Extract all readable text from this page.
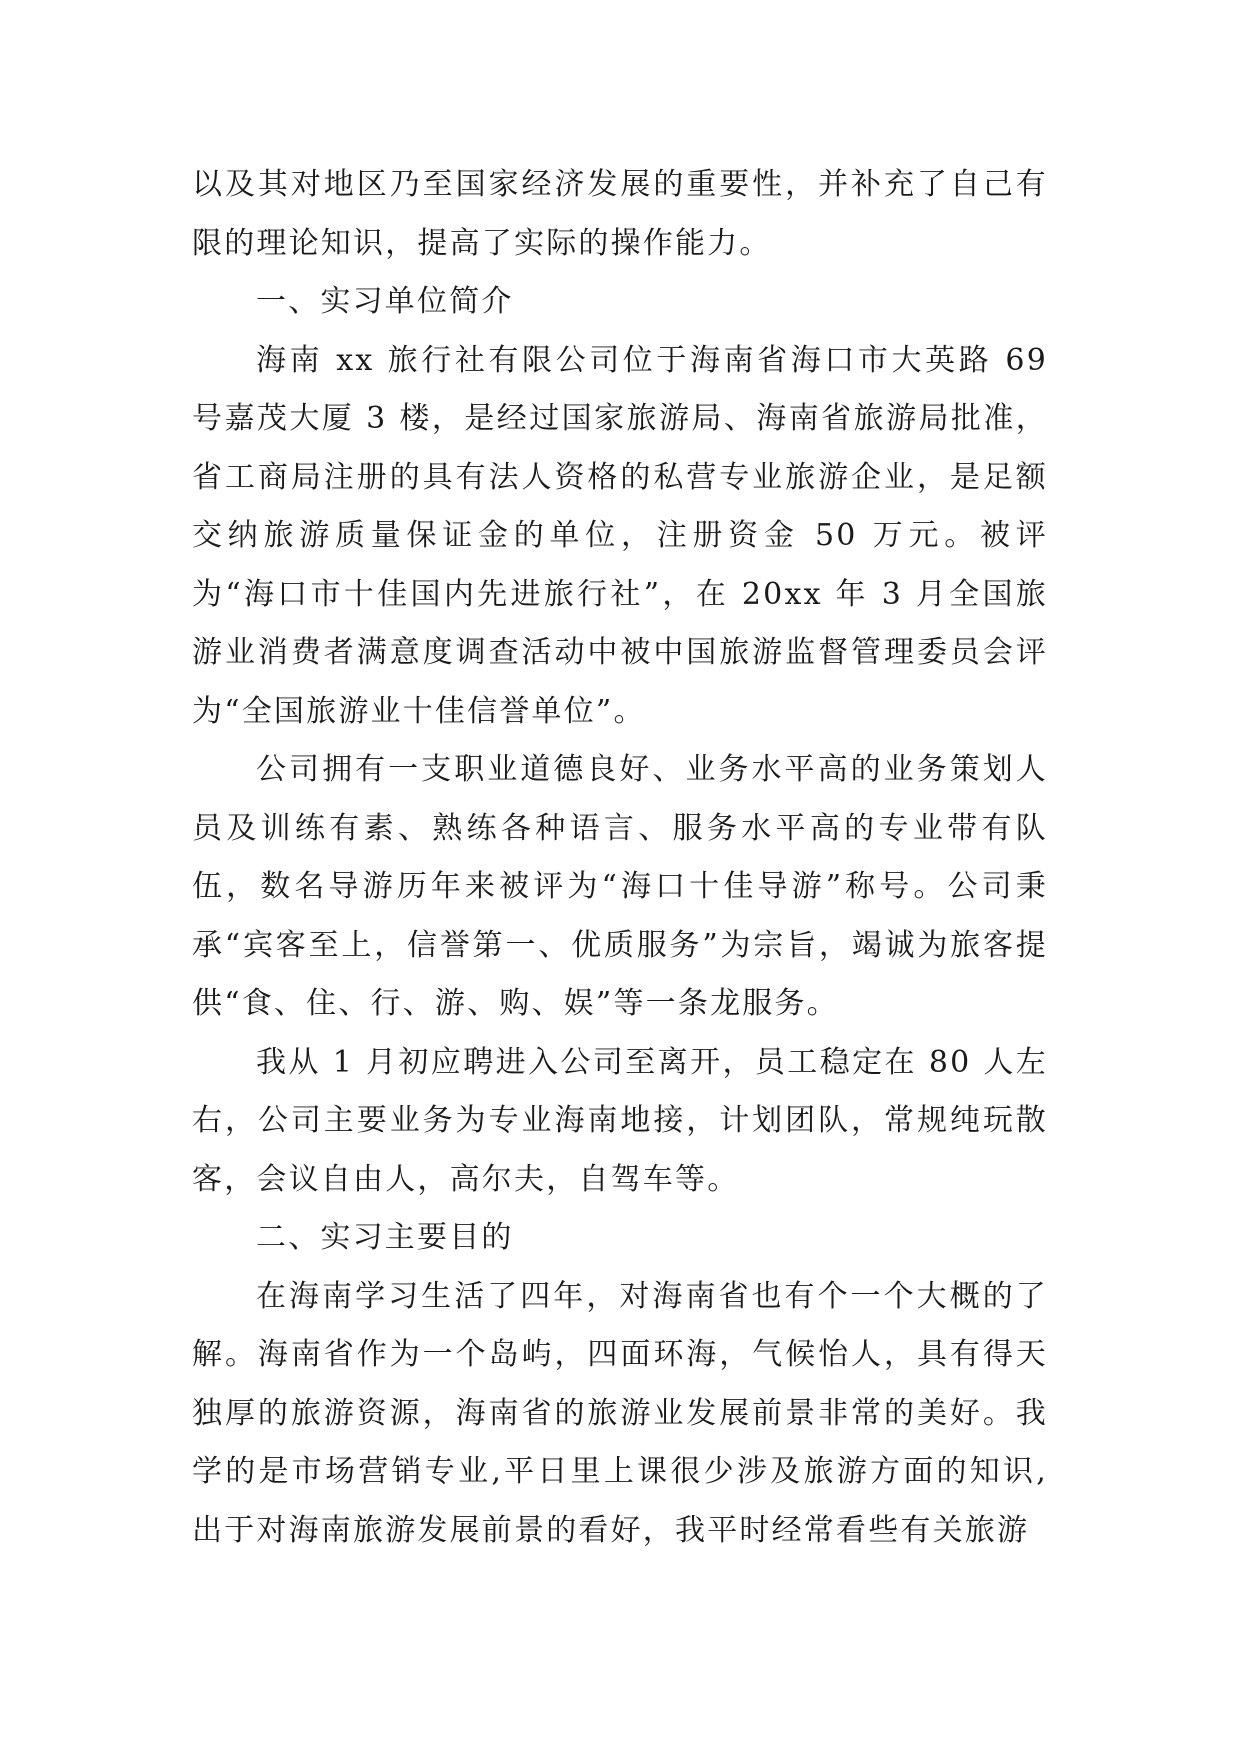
以及其对地区乃至国家经济发展的重要性，并补充了自己有限的理论知识，提高了实际的操作能力。

一、实习单位简介

海南 xx 旅行社有限公司位于海南省海口市大英路 69 号嘉茂大厦 3 楼，是经过国家旅游局、海南省旅游局批准，省工商局注册的具有法人资格的私营专业旅游企业，是足额交纳旅游质量保证金的单位，注册资金 50 万元。被评为“海口市十佳国内先进旅行社”，在 20xx 年 3 月全国旅游业消费者满意度调查活动中被中国旅游监督管理委员会评为“全国旅游业十佳信誉单位”。

公司拥有一支职业道德良好、业务水平高的业务策划人员及训练有素、熟练各种语言、服务水平高的专业带有队伍，数名导游历年来被评为“海口十佳导游”称号。公司秉承“宾客至上，信誉第一、优质服务”为宗旨，竭诚为旅客提供“食、住、行、游、购、娱”等一条龙服务。

我从 1 月初应聘进入公司至离开，员工稳定在 80 人左右，公司主要业务为专业海南地接，计划团队，常规纯玩散客，会议自由人，高尔夫，自驾车等。

二、实习主要目的

在海南学习生活了四年，对海南省也有个一个大概的了解。海南省作为一个岛屿，四面环海，气候怡人，具有得天独厚的旅游资源，海南省的旅游业发展前景非常的美好。我学的是市场营销专业,平日里上课很少涉及旅游方面的知识,出于对海南旅游发展前景的看好，我平时经常看些有关旅游
